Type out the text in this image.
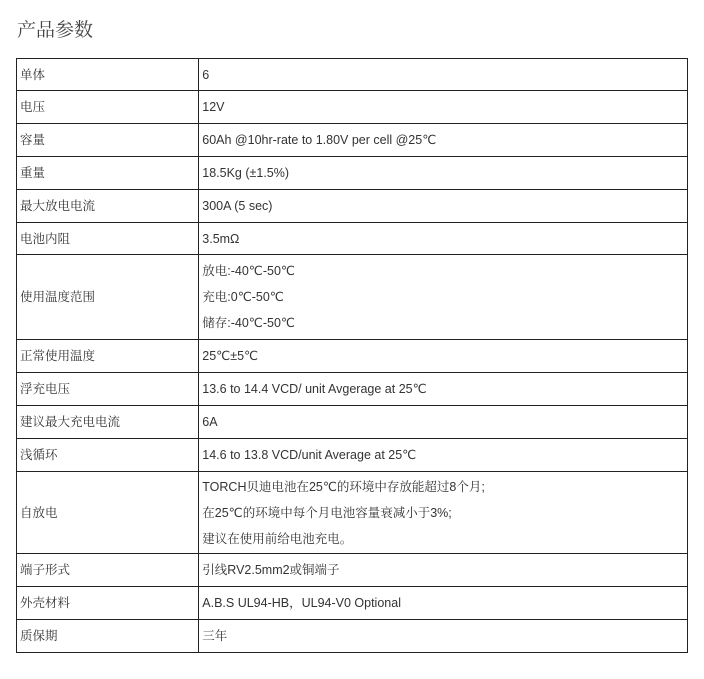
产品参数
单体	6

电压	12V

容量	60Ah @10hr-rate to 1.80V per cell @25℃

重量	18.5Kg (±1.5%)

最大放电电流	300A (5 sec)

电池内阻	3.5mΩ

使用温度范围	放电:-40℃-50℃
充电:0℃-50℃
储存:-40℃-50℃

正常使用温度	25℃±5℃

浮充电压	13.6 to 14.4 VCD/ unit Avgerage at 25℃

建议最大充电电流	6A

浅循环	14.6 to 13.8 VCD/unit Average at 25℃

自放电	TORCH贝迪电池在25℃的环境中存放能超过8个月;
在25℃的环境中每个月电池容量衰减小于3%;
建议在使用前给电池充电。

端子形式	引线RV2.5mm2或铜端子

外壳材料	A.B.S UL94-HB，UL94-V0 Optional

质保期	三年
